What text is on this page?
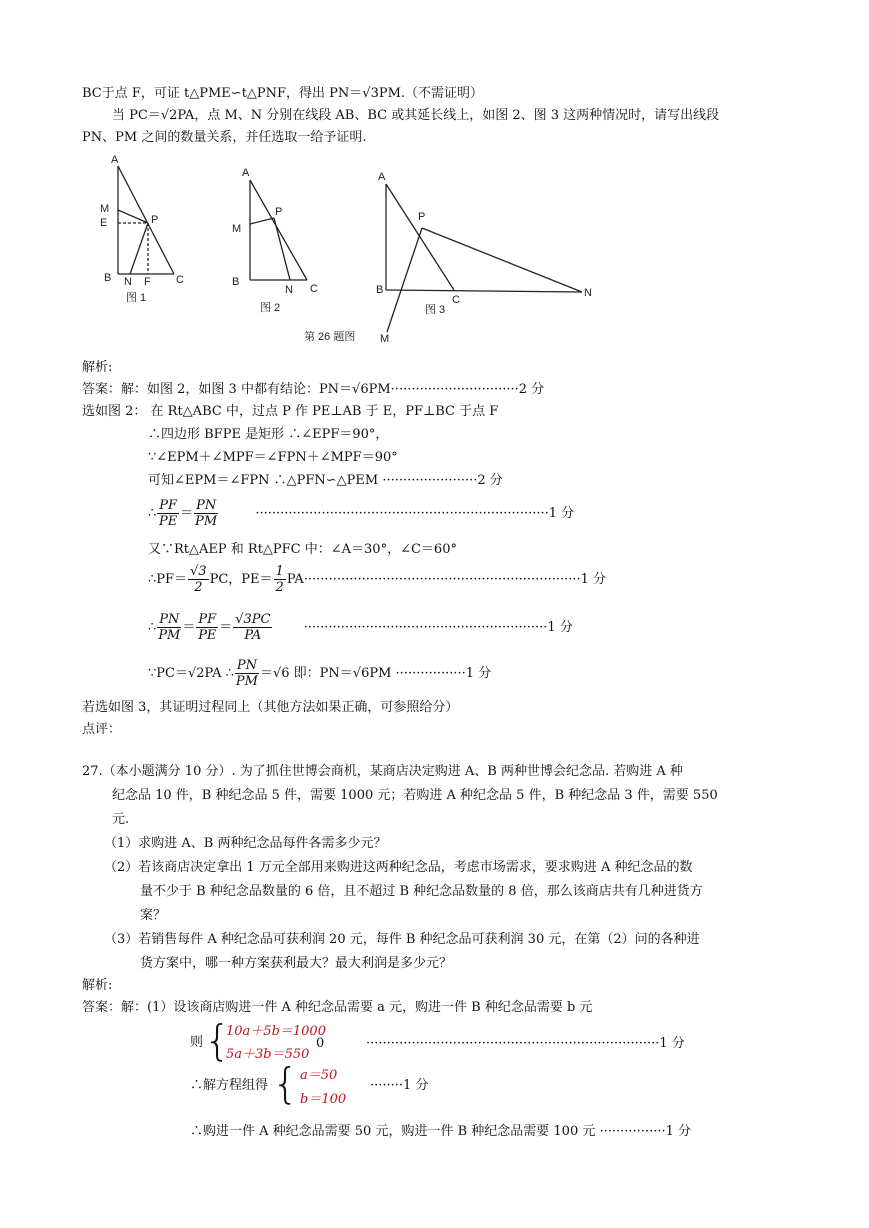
BC于点 F，可证 t△PME∽t△PNF，得出 PN＝√3PM.（不需证明）
当 PC＝√2PA，点 M、N 分别在线段 AB、BC 或其延长线上，如图 2、图 3 这两种情况时，请写出线段
PN、PM 之间的数量关系，并任选取一给予证明.
A
M
E	P
B N F C
图 1
A
M
P
B
N C
图 2
A
P
B
C
N
M
图 3
第 26 题图
解析:
答案：解：如图 2，如图 3 中都有结论：PN＝√6PM·······························2 分
选如图 2： 在 Rt△ABC 中，过点 P 作 PE⊥AB 于 E，PF⊥BC 于点 F
∴四边形 BFPE 是矩形 ∴∠EPF＝90°，
∵∠EPM＋∠MPF＝∠FPN＋∠MPF＝90°
可知∠EPM＝∠FPN ∴△PFN∽△PEM ·······················2 分
∴ $\frac{PF}{PE} = \frac{PN}{PM}$	·······································································1 分
又∵Rt△AEP 和 Rt△PFC 中：∠A＝30°，∠C＝60°
∴PF＝ $\frac{√3}{2}$ PC，$PE= \frac{1}{2} PA\cdot\cdot\cdot\cdot\cdot\cdot\cdot\cdot\cdot\cdot\cdot\cdot\cdot\cdot\cdot\cdot\cdot\cdot\cdot\cdot\cdot\cdot\cdot\cdot\cdot\cdot\cdot\cdot\cdot\cdot\cdot\cdot\cdot\cdot\cdot\cdot\cdot\cdot\cdot\cdot\cdot\cdot\cdot\cdot\cdot\cdot\cdot\cdot\cdot\cdot\cdot\cdot\cdot\cdot\cdot\cdot\cdot\cdot\cdot\cdot\cdot\cdot\cdot\cdot\cdot\cdot\cdot 1$ 分
∴ $\frac{PN}{PM} = \frac{PF}{PE} = \frac{√3PC}{PA} \cdot\cdot\cdot\cdot\cdot\cdot\cdot\cdot\cdot\cdot\cdot\cdot\cdot\cdot\cdot\cdot\cdot\cdot\cdot\cdot\cdot\cdot\cdot\cdot\cdot\cdot\cdot\cdot\cdot\cdot\cdot\cdot\cdot\cdot\cdot\cdot\cdot\cdot\cdot\cdot\cdot\cdot\cdot\cdot\cdot\cdot\cdot\cdot\cdot\cdot\cdot\cdot\cdot\cdot\cdot\cdot\cdot\cdot\cdot 1$ 分
∵PC＝√2PA ∴ $\frac{PN}{PM} =√6$ 即：PN＝√6PM ·················1 分
若选如图 3，其证明过程同上（其他方法如果正确，可参照给分）
点评：
27.（本小题满分 10 分）. 为了抓住世博会商机，某商店决定购进 A、B 两种世博会纪念品. 若购进 A 种
纪念品 10 件，B 种纪念品 5 件，需要 1000 元；若购进 A 种纪念品 5 件，B 种纪念品 3 件，需要 550
元.
（1）求购进 A、B 两种纪念品每件各需多少元？
（2）若该商店决定拿出 1 万元全部用来购进这两种纪念品，考虑市场需求，要求购进 A 种纪念品的数
量不少于 B 种纪念品数量的 6 倍，且不超过 B 种纪念品数量的 8 倍，那么该商店共有几种进货方
案？
（3）若销售每件 A 种纪念品可获利润 20 元，每件 B 种纪念品可获利润 30 元，在第（2）问的各种进
货方案中，哪一种方案获利最大？最大利润是多少元？
解析:
答案：解：(1）设该商店购进一件 A 种纪念品需要 a 元，购进一件 B 种纪念品需要 b 元
则 {
10a＋5b＝1000
5a＋3b＝550
0	·······································································1 分
∴解方程组得 { a＝50
b＝100
········1 分
∴购进一件 A 种纪念品需要 50 元，购进一件 B 种纪念品需要 100 元 ················1 分
